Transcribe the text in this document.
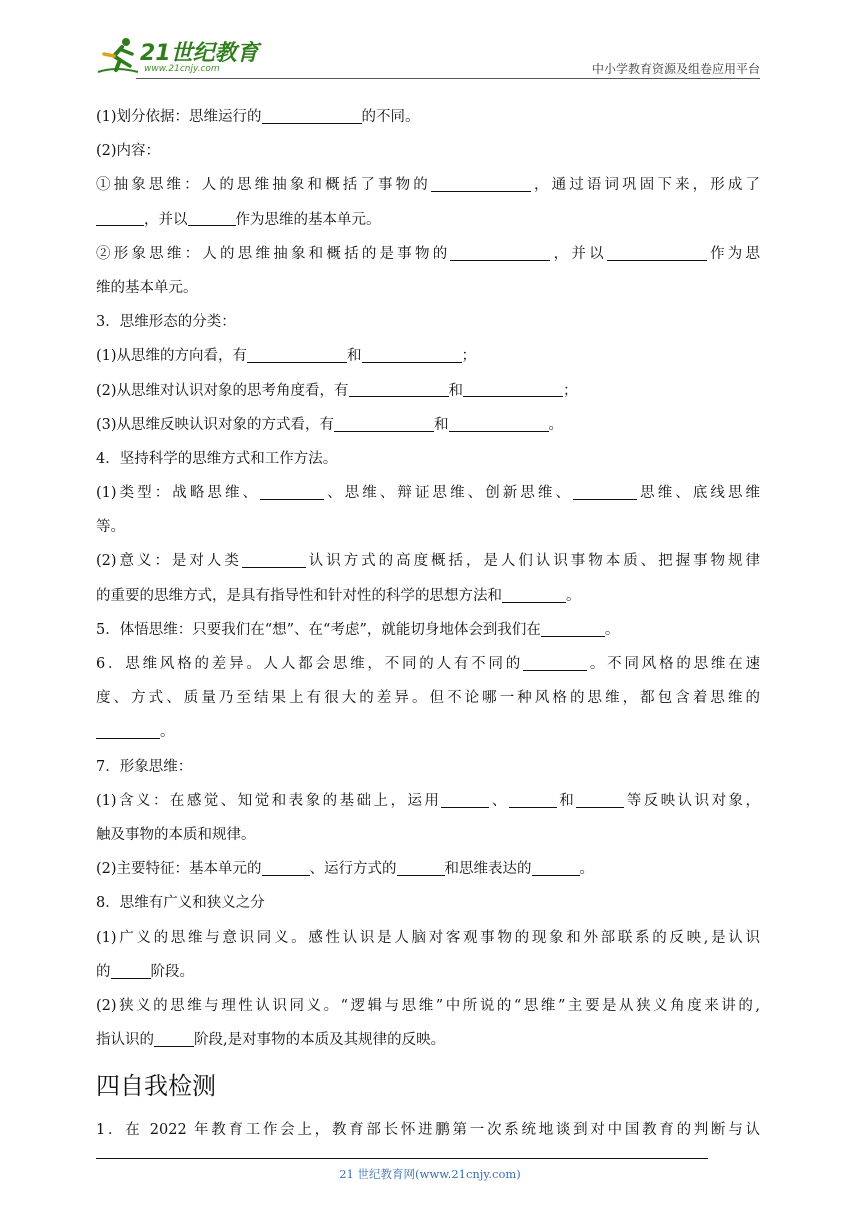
21世纪教育
www.21cnjy.com	中小学教育资源及组卷应用平台
(1)划分依据：思维运行的	的不同。
(2)内容：
①抽象思维：人的思维抽象和概括了事物的	，通过语词巩固下来，形成了
，并以	作为思维的基本单元。
②形象思维：人的思维抽象和概括的是事物的	，并以	作为思
维的基本单元。
3．思维形态的分类：
(1)从思维的方向看，有	和	；
(2)从思维对认识对象的思考角度看，有	和	；
(3)从思维反映认识对象的方式看，有	和	。
4．坚持科学的思维方式和工作方法。
(1)类型：战略思维、	、思维、辩证思维、创新思维、	思维、底线思维
等。
(2)意义：是对人类	认识方式的高度概括，是人们认识事物本质、把握事物规律
的重要的思维方式，是具有指导性和针对性的科学的思想方法和	。
5．体悟思维：只要我们在“想”、在“考虑”，就能切身地体会到我们在	。
6．思维风格的差异。人人都会思维，不同的人有不同的	。不同风格的思维在速
度、方式、质量乃至结果上有很大的差异。但不论哪一种风格的思维，都包含着思维的
。
7．形象思维：
(1)含义：在感觉、知觉和表象的基础上，运用	、	和	等反映认识对象，
触及事物的本质和规律。
(2)主要特征：基本单元的	、运行方式的	和思维表达的	。
8．思维有广义和狭义之分
(1)广义的思维与意识同义。感性认识是人脑对客观事物的现象和外部联系的反映,是认识
的	阶段。
(2)狭义的思维与理性认识同义。“逻辑与思维”中所说的“思维”主要是从狭义角度来讲的,
指认识的	阶段,是对事物的本质及其规律的反映。
四自我检测
1．在 2022 年教育工作会上，教育部长怀进鹏第一次系统地谈到对中国教育的判断与认
21 世纪教育网(www.21cnjy.com)
